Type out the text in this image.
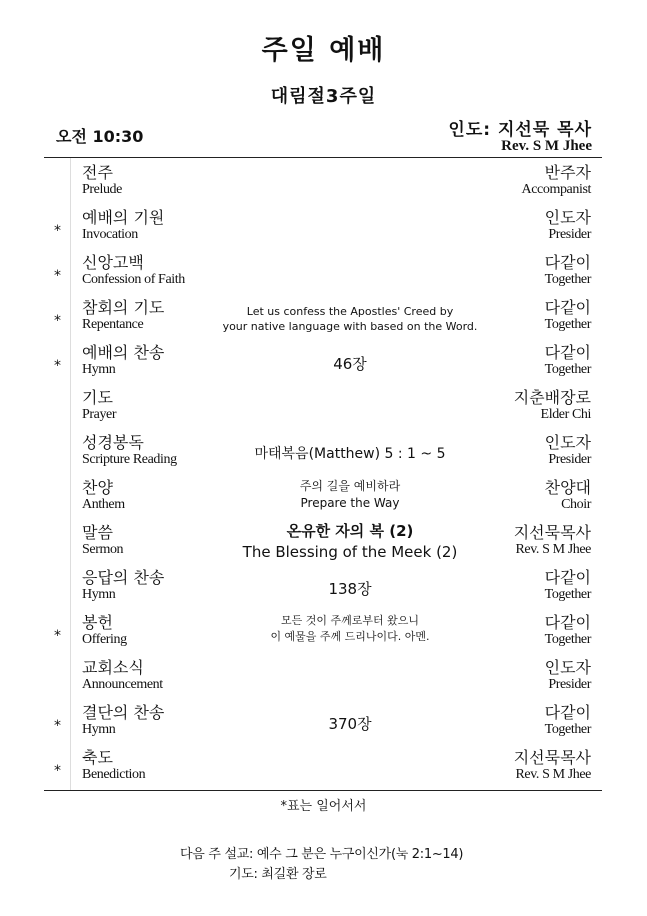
주일 예배
대림절3주일
오전 10:30	인도: 지선묵 목사
Rev. S M Jhee
전주
Prelude
반주자
Accompanist
*
예배의 기원
Invocation
인도자
Presider
Let us confess the Apostles' Creed by
your native language with based on the Word.
*
신앙고백
Confession of Faith
다같이
Together
*
참회의 기도
Repentance
다같이
Together
*
예배의 찬송
Hymn
다같이
Together
46장
기도
Prayer
지춘배장로
Elder Chi
성경봉독
Scripture Reading
인도자
Presider
마태복음(Matthew) 5 : 1 ~ 5
찬양
Anthem
찬양대
Choir
주의 길을 예비하라
Prepare the Way
말씀
Sermon
지선묵목사
Rev. S M Jhee
온유한 자의 복 (2)
The Blessing of the Meek (2)
응답의 찬송
Hymn
다같이
Together
138장
*
봉헌
Offering
다같이
Together
모든 것이 주께로부터 왔으니
이 예물을 주께 드리나이다. 아멘.
교회소식
Announcement
인도자
Presider
*
결단의 찬송
Hymn
다같이
Together
370장
*
축도
Benediction
지선묵목사
Rev. S M Jhee
*표는 일어서서
다음 주 설교: 예수 그 분은 누구이신가(눅 2:1~14)
기도: 최길환 장로
